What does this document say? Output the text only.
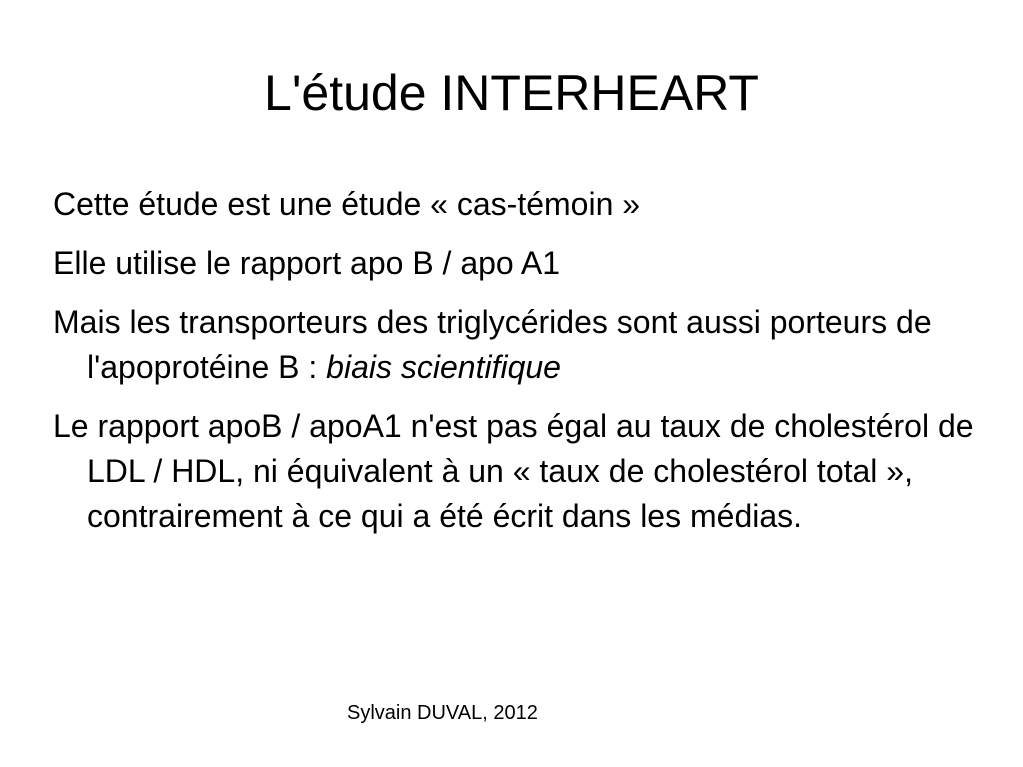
L'étude INTERHEART
Cette étude est une étude « cas-témoin »
Elle utilise le rapport apo B / apo A1
Mais les transporteurs des triglycérides sont aussi porteurs de l'apoprotéine B : biais scientifique
Le rapport apoB / apoA1 n'est pas égal au taux de cholestérol de LDL / HDL, ni équivalent à un « taux de cholestérol total », contrairement à ce qui a été écrit dans les médias.
Sylvain DUVAL, 2012
